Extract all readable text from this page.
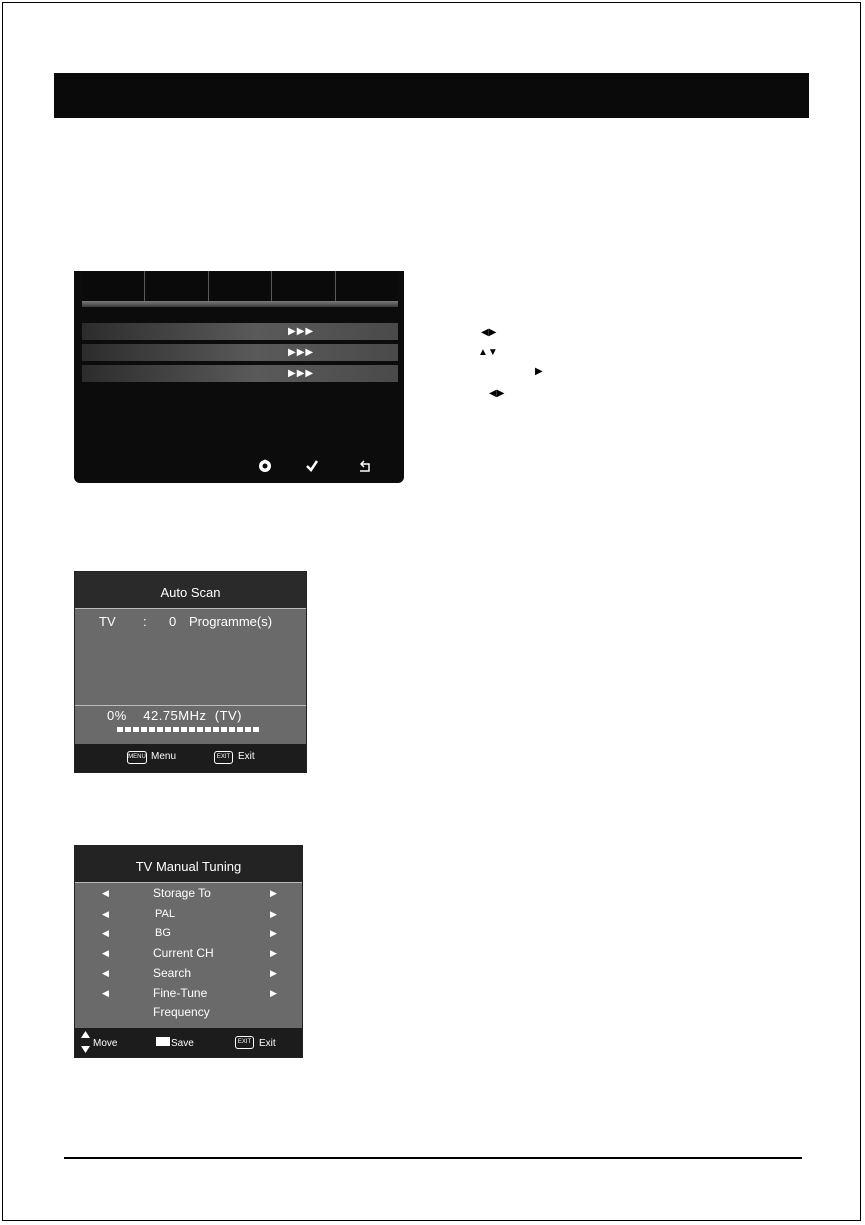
▶▶▶
▶▶▶
▶▶▶
◀▶
▲▼
▶
◀▶
Auto Scan
TV : 0 Programme(s)
0% 42.75MHz (TV)
MENU Menu	EXIT Exit
TV Manual Tuning
◀	Storage To	▶
◀	PAL	▶
◀	BG	▶
◀	Current CH	▶
◀	Search	▶
◀	Fine-Tune	▶
Frequency
Move	Save	EXIT Exit
